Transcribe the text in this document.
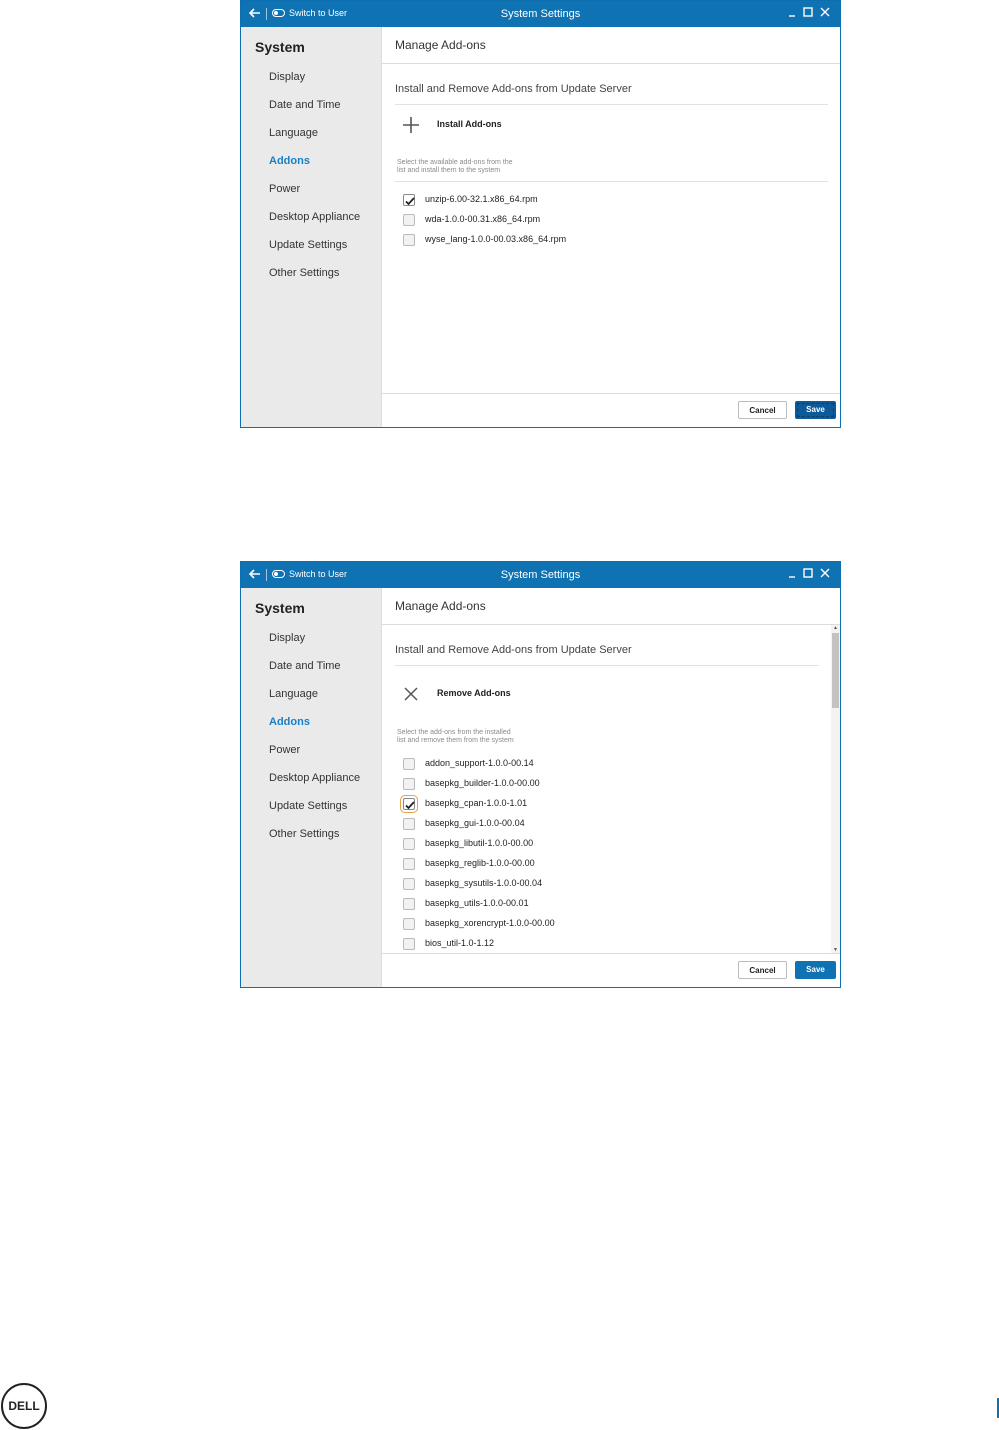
Switch to User	System Settings
System
Display
Date and Time
Language
Addons
Power
Desktop Appliance
Update Settings
Other Settings
Manage Add-ons
Install and Remove Add-ons from Update Server
Install Add-ons
Select the available add-ons from the
list and install them to the system
unzip-6.00-32.1.x86_64.rpm
wda-1.0.0-00.31.x86_64.rpm
wyse_lang-1.0.0-00.03.x86_64.rpm
Cancel	Save
Switch to User	System Settings
System
Display
Date and Time
Language
Addons
Power
Desktop Appliance
Update Settings
Other Settings
Manage Add-ons
Install and Remove Add-ons from Update Server
Remove Add-ons
Select the add-ons from the installed
list and remove them from the system
addon_support-1.0.0-00.14
basepkg_builder-1.0.0-00.00
basepkg_cpan-1.0.0-1.01
basepkg_gui-1.0.0-00.04
basepkg_libutil-1.0.0-00.00
basepkg_reglib-1.0.0-00.00
basepkg_sysutils-1.0.0-00.04
basepkg_utils-1.0.0-00.01
basepkg_xorencrypt-1.0.0-00.00
bios_util-1.0-1.12
▲
▼
Cancel	Save
DELL
